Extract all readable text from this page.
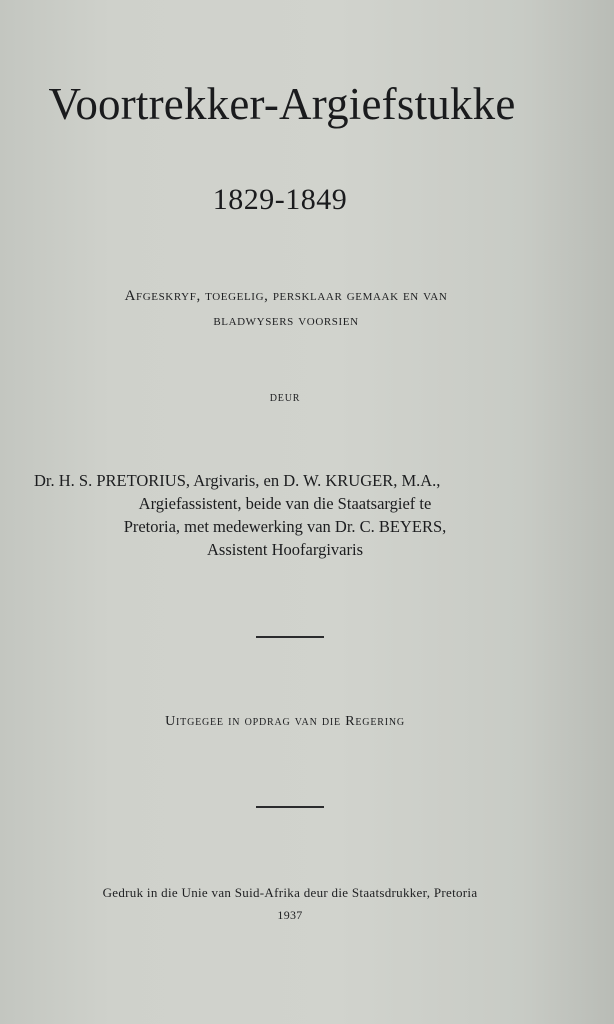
Voortrekker-Argiefstukke
1829-1849
Afgeskryf, toegelig, persklaar gemaak en van
bladwysers voorsien
deur
Dr. H. S. PRETORIUS, Argivaris, en D. W. KRUGER, M.A.,
Argiefassistent, beide van die Staatsargief te
Pretoria, met medewerking van Dr. C. BEYERS,
Assistent Hoofargivaris
Uitgegee in opdrag van die Regering
Gedruk in die Unie van Suid-Afrika deur die Staatsdrukker, Pretoria
1937
